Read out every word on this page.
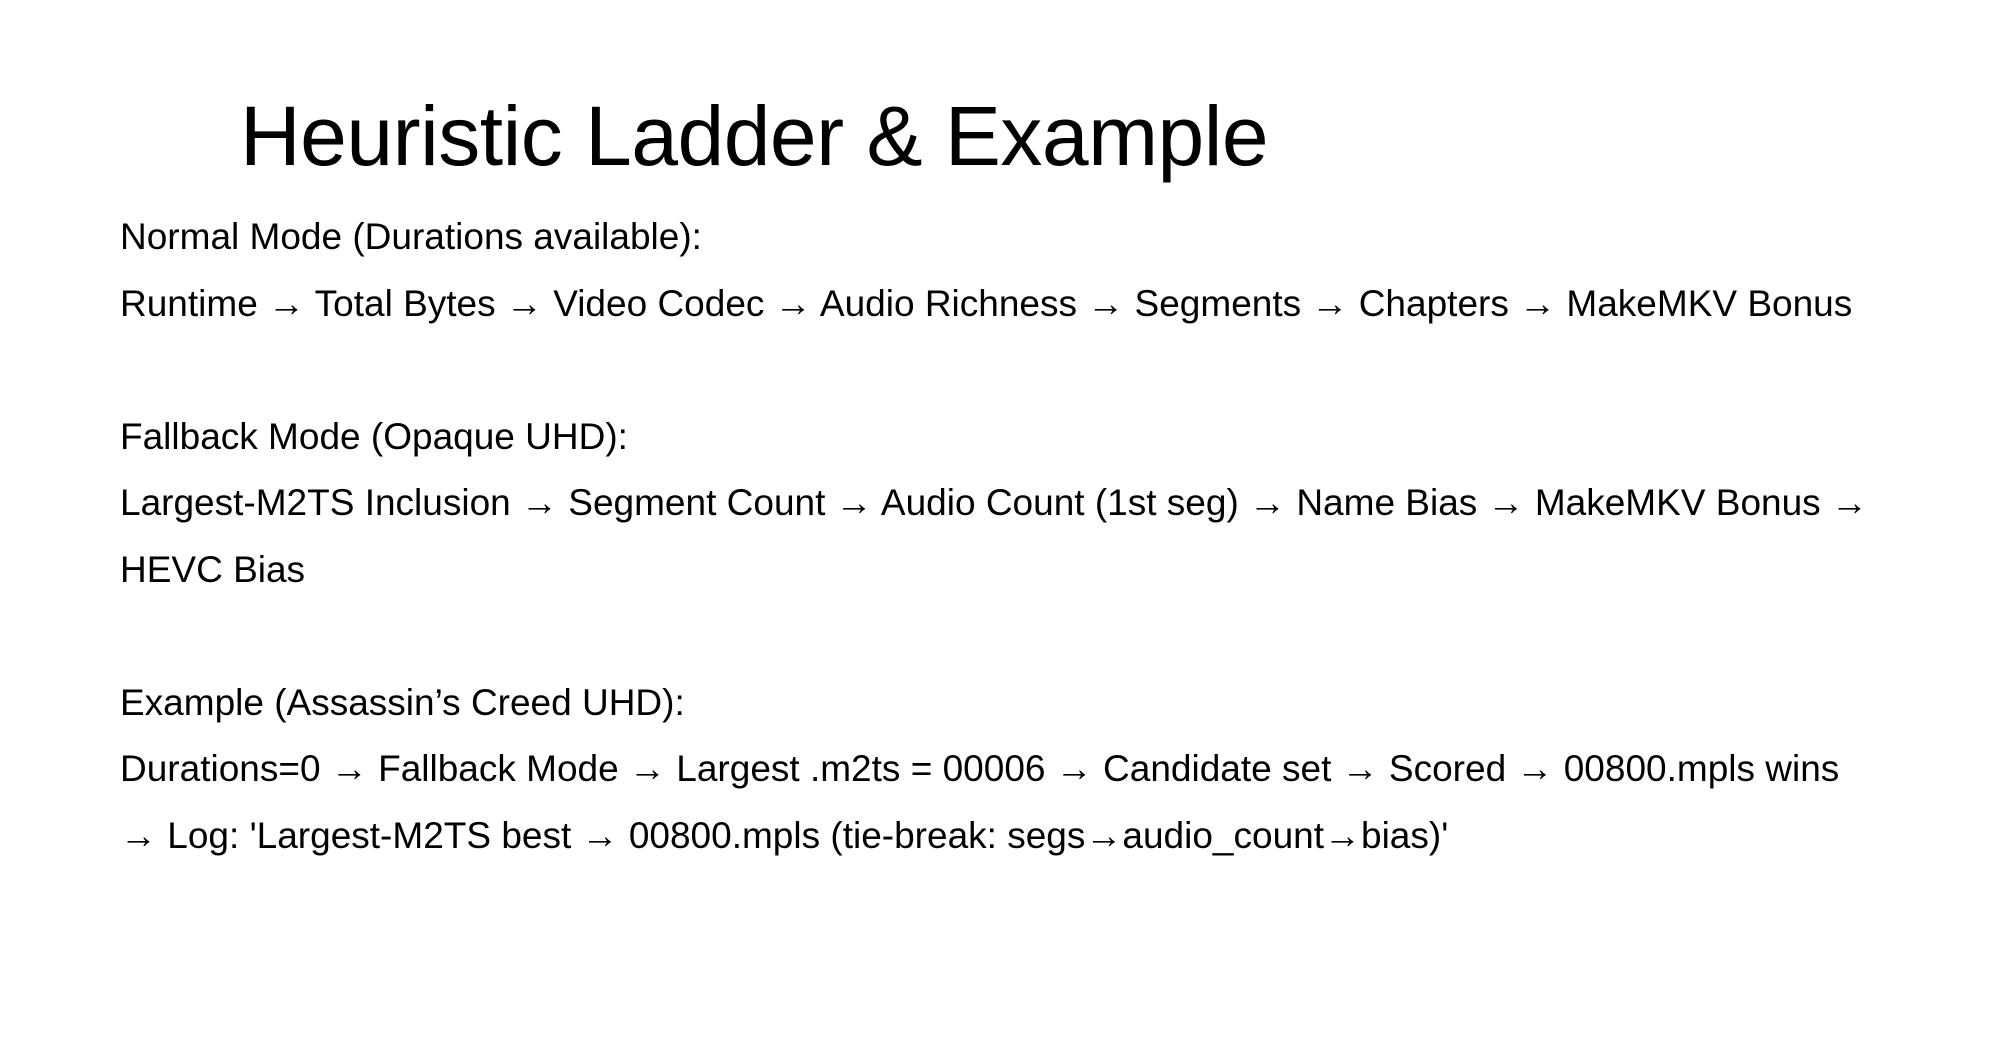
Heuristic Ladder & Example
Normal Mode (Durations available):
Runtime → Total Bytes → Video Codec → Audio Richness → Segments → Chapters → MakeMKV Bonus
Fallback Mode (Opaque UHD):
Largest-M2TS Inclusion → Segment Count → Audio Count (1st seg) → Name Bias → MakeMKV Bonus →
HEVC Bias
Example (Assassin’s Creed UHD):
Durations=0 → Fallback Mode → Largest .m2ts = 00006 → Candidate set → Scored → 00800.mpls wins
→ Log: 'Largest-M2TS best → 00800.mpls (tie-break: segs→audio_count→bias)'
